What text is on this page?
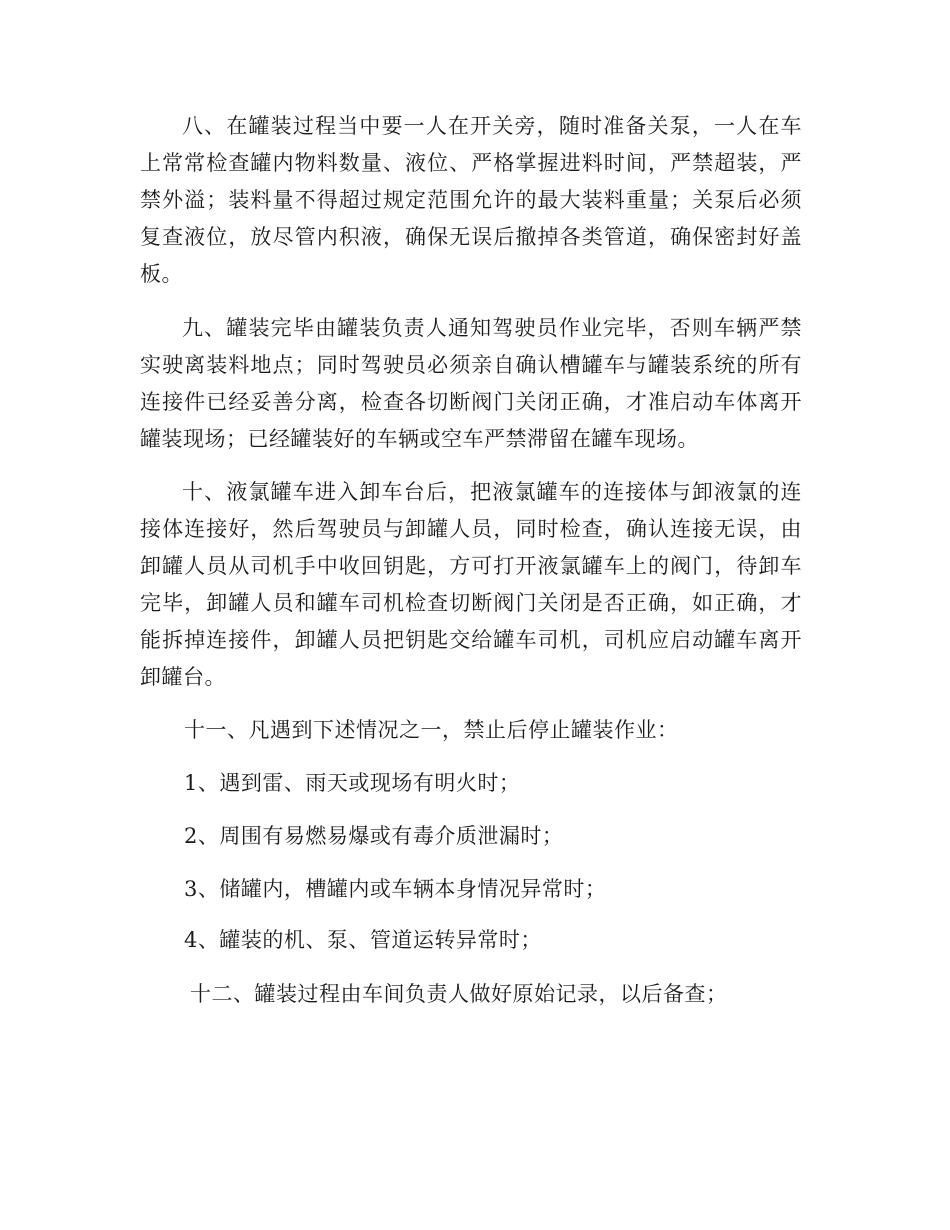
八、在罐装过程当中要一人在开关旁，随时准备关泵，一人在车上常常检查罐内物料数量、液位、严格掌握进料时间，严禁超装，严禁外溢；装料量不得超过规定范围允许的最大装料重量；关泵后必须复查液位，放尽管内积液，确保无误后撤掉各类管道，确保密封好盖板。

九、罐装完毕由罐装负责人通知驾驶员作业完毕，否则车辆严禁实驶离装料地点；同时驾驶员必须亲自确认槽罐车与罐装系统的所有连接件已经妥善分离，检查各切断阀门关闭正确，才准启动车体离开罐装现场；已经罐装好的车辆或空车严禁滞留在罐车现场。

十、液氯罐车进入卸车台后，把液氯罐车的连接体与卸液氯的连接体连接好，然后驾驶员与卸罐人员，同时检查，确认连接无误，由卸罐人员从司机手中收回钥匙，方可打开液氯罐车上的阀门，待卸车完毕，卸罐人员和罐车司机检查切断阀门关闭是否正确，如正确，才能拆掉连接件，卸罐人员把钥匙交给罐车司机，司机应启动罐车离开卸罐台。

十一、凡遇到下述情况之一，禁止后停止罐装作业：
1、遇到雷、雨天或现场有明火时；
2、周围有易燃易爆或有毒介质泄漏时；
3、储罐内，槽罐内或车辆本身情况异常时；
4、罐装的机、泵、管道运转异常时；
十二、罐装过程由车间负责人做好原始记录，以后备查；
